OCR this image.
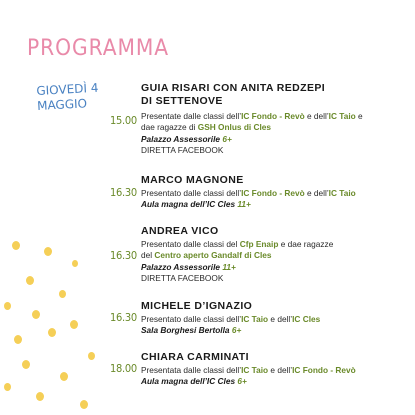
PROGRAMMA
GIOVEDÌ 4
MAGGIO
GUIA RISARI CON ANITA REDZEPI
DI SETTENOVE
15.00 Presentate dalle classi dell’IC Fondo - Revò e dell’IC Taio e
dae ragazze di GSH Onlus di Cles
Palazzo Assessorile 6+
DIRETTA FACEBOOK
MARCO MAGNONE
16.30 Presentato dalle classi dell’IC Fondo - Revò e dell’IC Taio
Aula magna dell’IC Cles 11+
ANDREA VICO
16.30
Presentato dalle classi del Cfp Enaip e dae ragazze
del Centro aperto Gandalf di Cles
Palazzo Assessorile 11+
DIRETTA FACEBOOK
MICHELE D’IGNAZIO
16.30 Presentato dalle classi dell’IC Taio e dell’IC Cles
Sala Borghesi Bertolla 6+
CHIARA CARMINATI
18.00 Presentata dalle classi dell’IC Taio e dell’IC Fondo - Revò
Aula magna dell’IC Cles 6+
